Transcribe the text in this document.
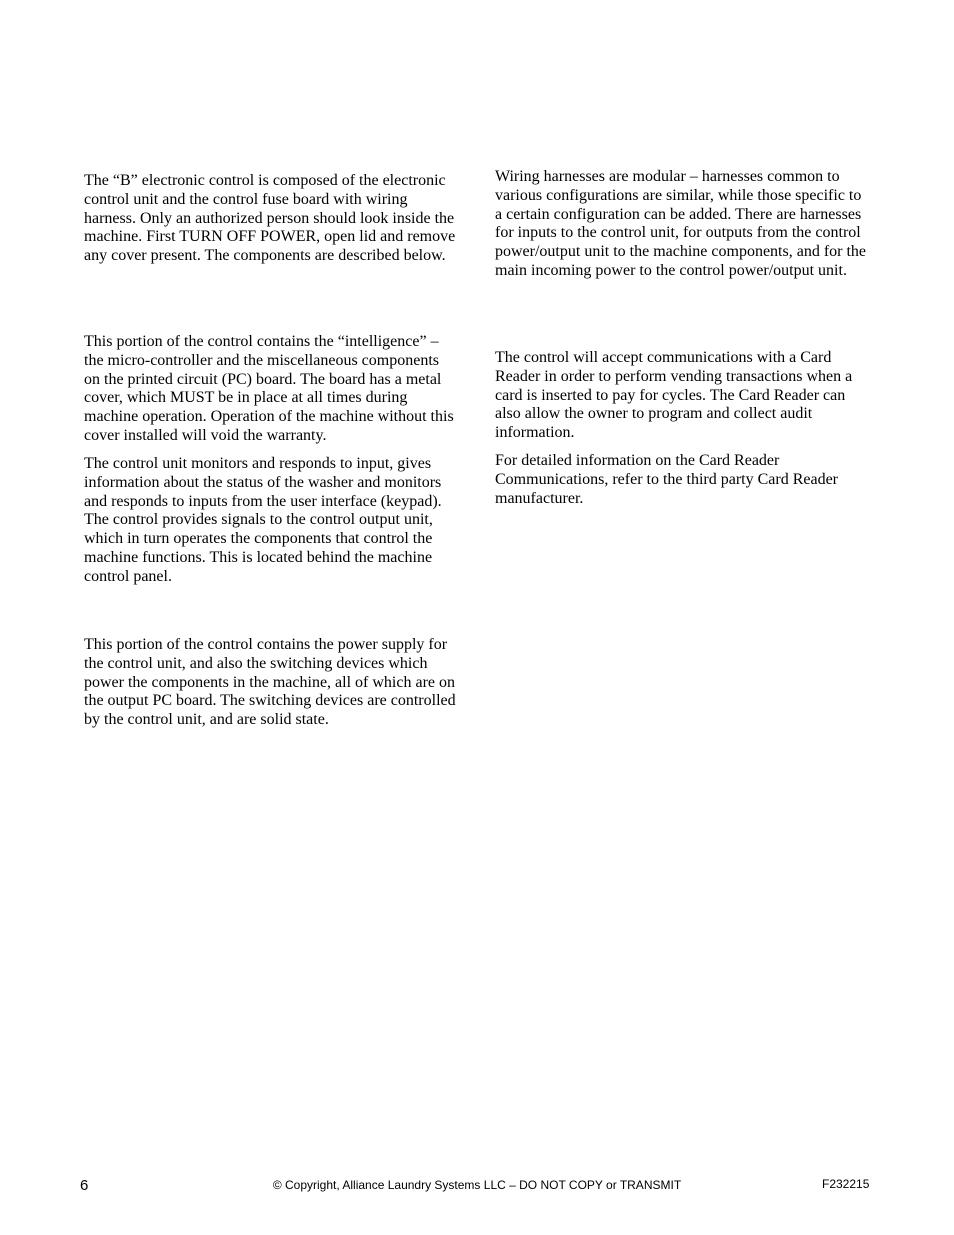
The “B” electronic control is composed of the electronic control unit and the control fuse board with wiring harness. Only an authorized person should look inside the machine. First TURN OFF POWER, open lid and remove any cover present. The components are described below.

This portion of the control contains the “intelligence” – the micro-controller and the miscellaneous components on the printed circuit (PC) board. The board has a metal cover, which MUST be in place at all times during machine operation. Operation of the machine without this cover installed will void the warranty.

The control unit monitors and responds to input, gives information about the status of the washer and monitors and responds to inputs from the user interface (keypad). The control provides signals to the control output unit, which in turn operates the components that control the machine functions. This is located behind the machine control panel.

This portion of the control contains the power supply for the control unit, and also the switching devices which power the components in the machine, all of which are on the output PC board. The switching devices are controlled by the control unit, and are solid state.

Wiring harnesses are modular – harnesses common to various configurations are similar, while those specific to a certain configuration can be added. There are harnesses for inputs to the control unit, for outputs from the control power/output unit to the machine components, and for the main incoming power to the control power/output unit.

The control will accept communications with a Card Reader in order to perform vending transactions when a card is inserted to pay for cycles. The Card Reader can also allow the owner to program and collect audit information.

For detailed information on the Card Reader Communications, refer to the third party Card Reader manufacturer.

6	© Copyright, Alliance Laundry Systems LLC – DO NOT COPY or TRANSMIT	F232215
